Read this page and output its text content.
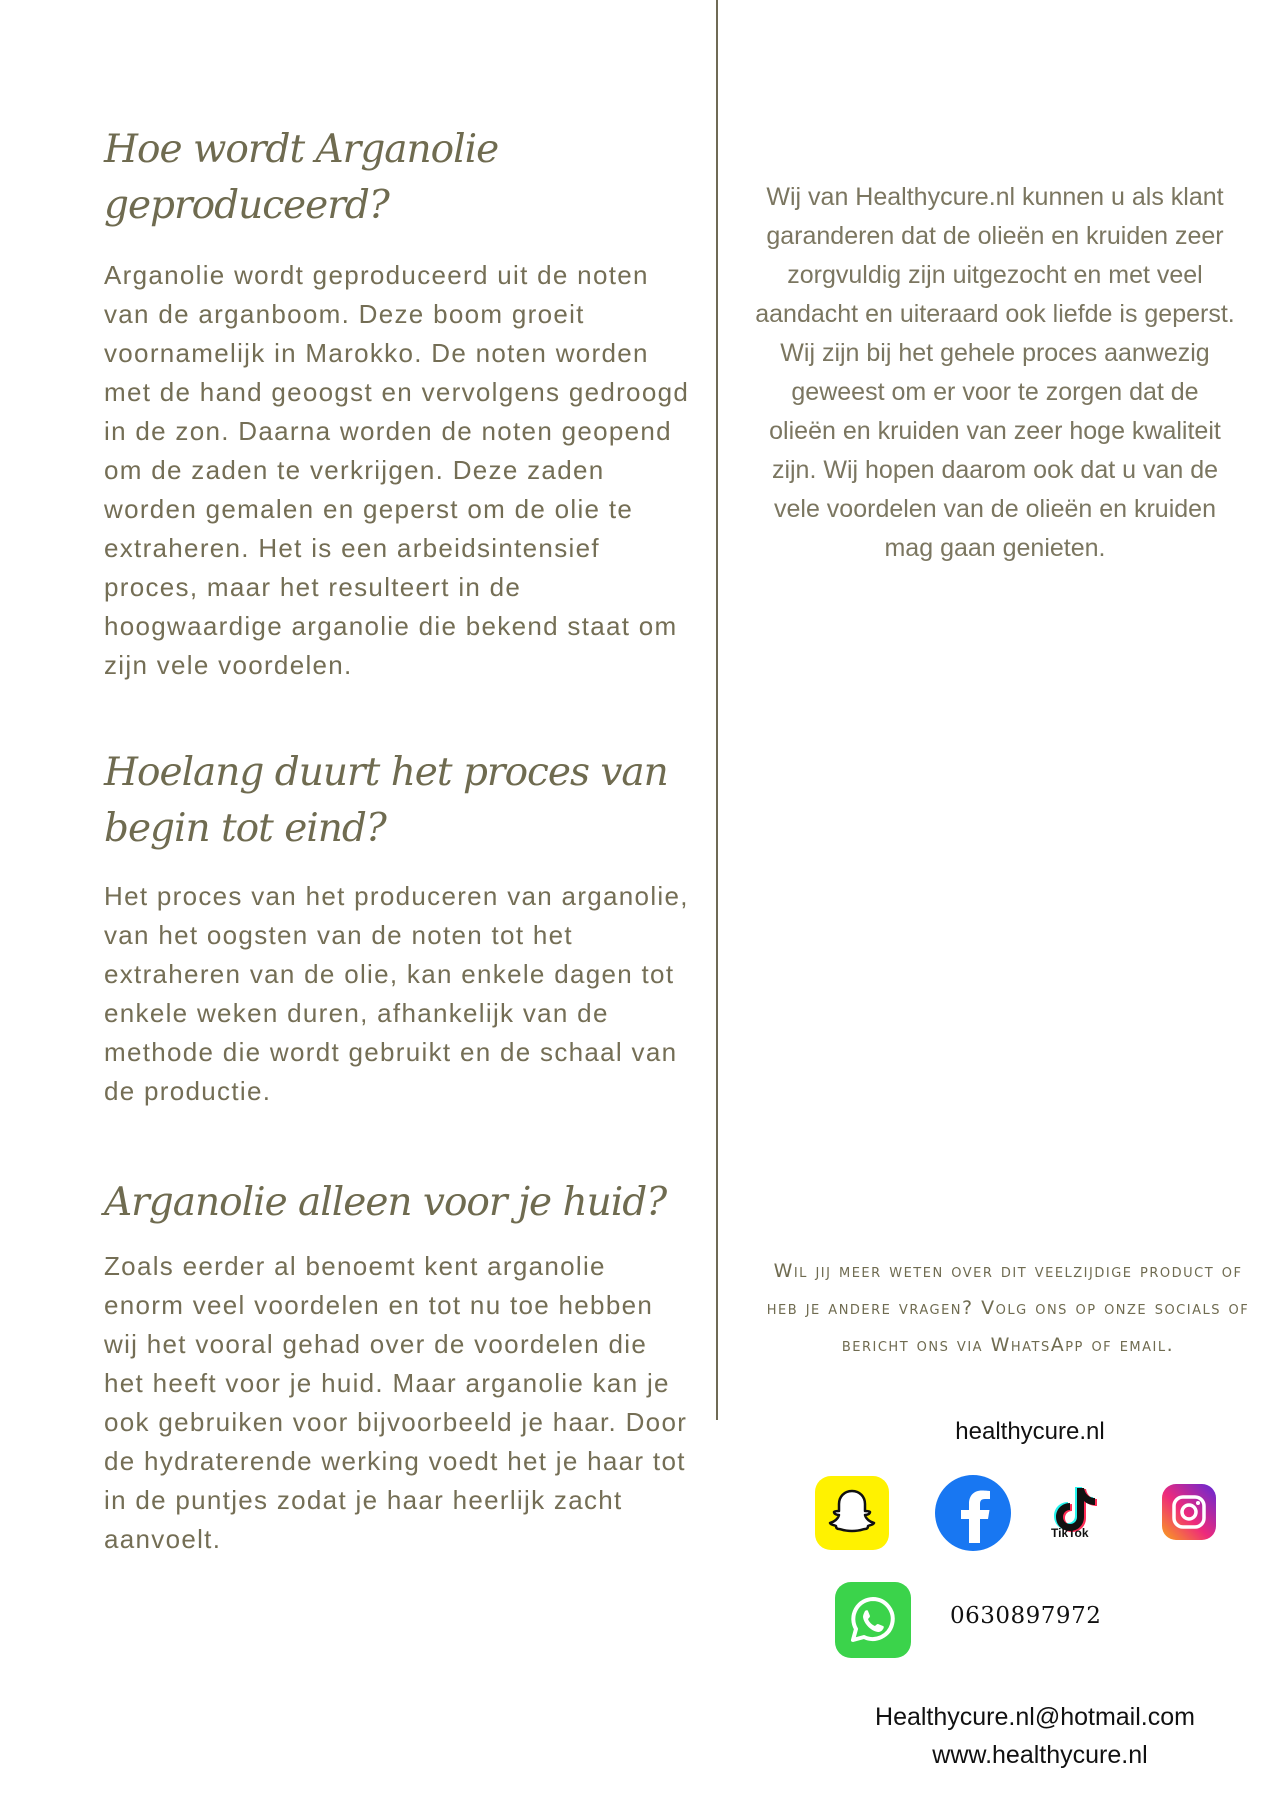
Hoe wordt Arganolie geproduceerd?

Arganolie wordt geproduceerd uit de noten van de arganboom. Deze boom groeit voornamelijk in Marokko. De noten worden met de hand geoogst en vervolgens gedroogd in de zon. Daarna worden de noten geopend om de zaden te verkrijgen. Deze zaden worden gemalen en geperst om de olie te extraheren. Het is een arbeidsintensief proces, maar het resulteert in de hoogwaardige arganolie die bekend staat om zijn vele voordelen.

Hoelang duurt het proces van begin tot eind?

Het proces van het produceren van arganolie, van het oogsten van de noten tot het extraheren van de olie, kan enkele dagen tot enkele weken duren, afhankelijk van de methode die wordt gebruikt en de schaal van de productie.

Arganolie alleen voor je huid?

Zoals eerder al benoemt kent arganolie enorm veel voordelen en tot nu toe hebben wij het vooral gehad over de voordelen die het heeft voor je huid. Maar arganolie kan je ook gebruiken voor bijvoorbeeld je haar. Door de hydraterende werking voedt het je haar tot in de puntjes zodat je haar heerlijk zacht aanvoelt.

Wij van Healthycure.nl kunnen u als klant garanderen dat de olieën en kruiden zeer zorgvuldig zijn uitgezocht en met veel aandacht en uiteraard ook liefde is geperst. Wij zijn bij het gehele proces aanwezig geweest om er voor te zorgen dat de olieën en kruiden van zeer hoge kwaliteit zijn. Wij hopen daarom ook dat u van de vele voordelen van de olieën en kruiden mag gaan genieten.

Wil jij meer weten over dit veelzijdige product of heb je andere vragen? Volg ons op onze socials of bericht ons via WhatsApp of email.

healthycure.nl

TikTok

0630897972

Healthycure.nl@hotmail.com

www.healthycure.nl
